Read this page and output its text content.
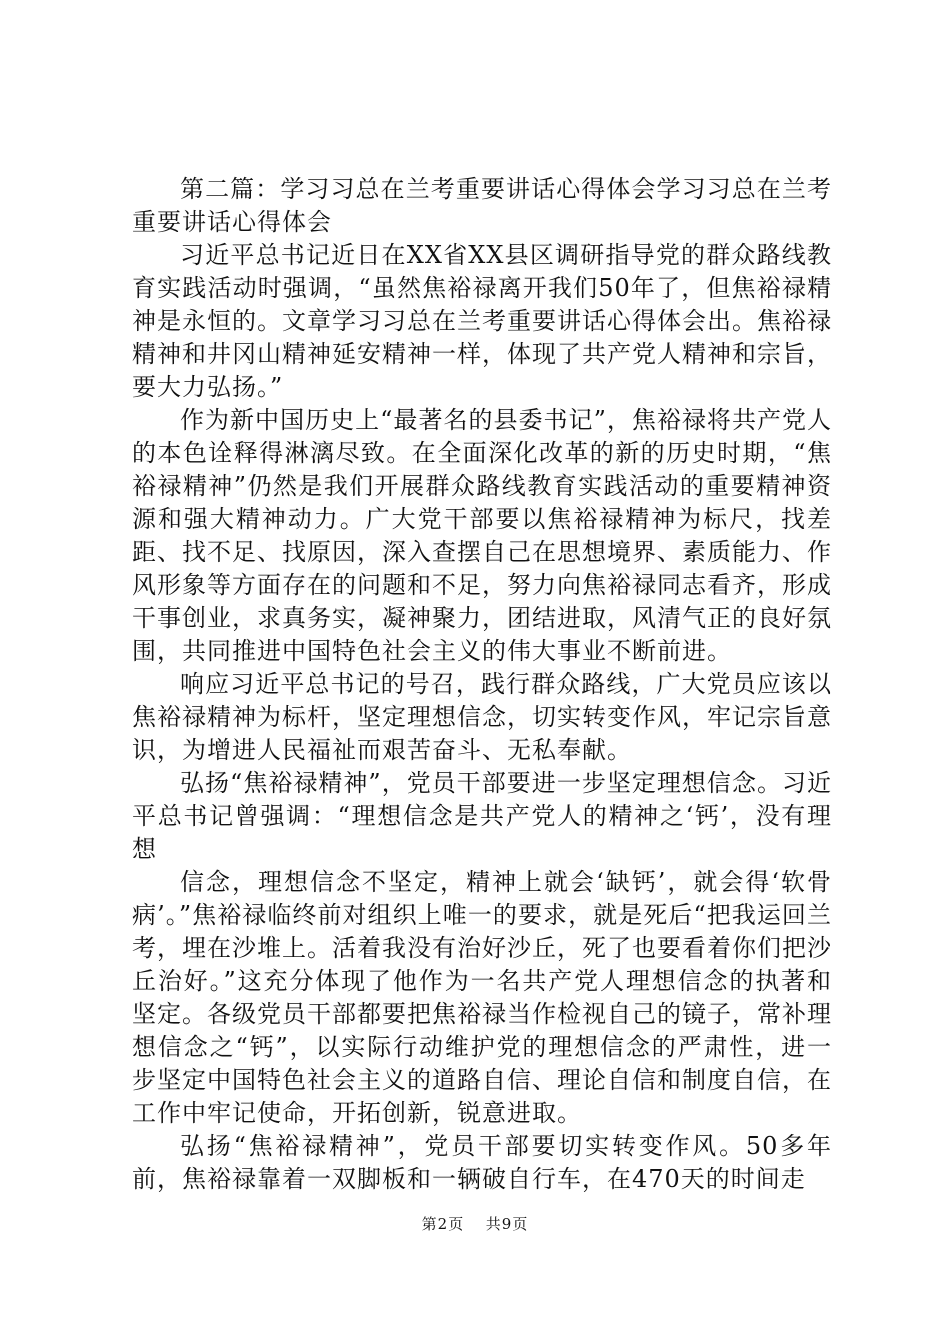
第二篇：学习习总在兰考重要讲话心得体会学习习总在兰考重要讲话心得体会

习近平总书记近日在XX省XX县区调研指导党的群众路线教育实践活动时强调，“虽然焦裕禄离开我们50年了，但焦裕禄精神是永恒的。文章学习习总在兰考重要讲话心得体会出。焦裕禄精神和井冈山精神延安精神一样，体现了共产党人精神和宗旨，要大力弘扬。”

作为新中国历史上“最著名的县委书记”，焦裕禄将共产党人的本色诠释得淋漓尽致。在全面深化改革的新的历史时期，“焦裕禄精神”仍然是我们开展群众路线教育实践活动的重要精神资源和强大精神动力。广大党干部要以焦裕禄精神为标尺，找差距、找不足、找原因，深入查摆自己在思想境界、素质能力、作风形象等方面存在的问题和不足，努力向焦裕禄同志看齐，形成干事创业，求真务实，凝神聚力，团结进取，风清气正的良好氛围，共同推进中国特色社会主义的伟大事业不断前进。

响应习近平总书记的号召，践行群众路线，广大党员应该以焦裕禄精神为标杆，坚定理想信念，切实转变作风，牢记宗旨意识，为增进人民福祉而艰苦奋斗、无私奉献。

弘扬“焦裕禄精神”，党员干部要进一步坚定理想信念。习近平总书记曾强调：“理想信念是共产党人的精神之‘钙’，没有理想

信念，理想信念不坚定，精神上就会‘缺钙’，就会得‘软骨病’。”焦裕禄临终前对组织上唯一的要求，就是死后“把我运回兰考，埋在沙堆上。活着我没有治好沙丘，死了也要看着你们把沙丘治好。”这充分体现了他作为一名共产党人理想信念的执著和坚定。各级党员干部都要把焦裕禄当作检视自己的镜子，常补理想信念之“钙”，以实际行动维护党的理想信念的严肃性，进一步坚定中国特色社会主义的道路自信、理论自信和制度自信，在工作中牢记使命，开拓创新，锐意进取。

弘扬“焦裕禄精神”，党员干部要切实转变作风。50多年前，焦裕禄靠着一双脚板和一辆破自行车，在470天的时间走

第2页 共9页
